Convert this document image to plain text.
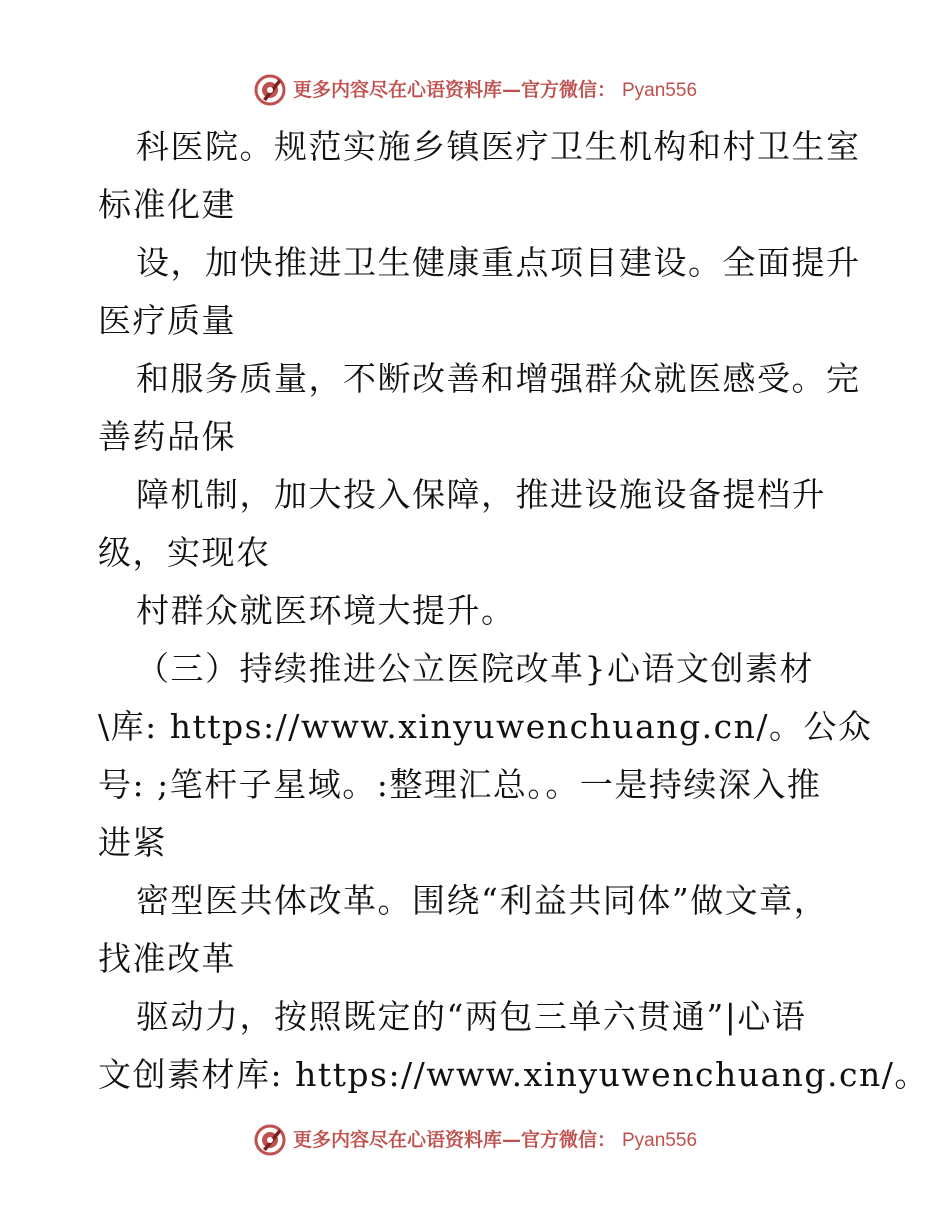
更多内容尽在心语资料库—官方微信： Pyan556
科医院。规范实施乡镇医疗卫生机构和村卫生室
标准化建
设，加快推进卫生健康重点项目建设。全面提升
医疗质量
和服务质量，不断改善和增强群众就医感受。完
善药品保
障机制，加大投入保障，推进设施设备提档升
级，实现农
村群众就医环境大提升。
（三）持续推进公立医院改革}心语文创素材
\库: https://www.xinyuwenchuang.cn/。公众
号: ;笔杆子星域。:整理汇总。。一是持续深入推
进紧
密型医共体改革。围绕“利益共同体”做文章，
找准改革
驱动力，按照既定的“两包三单六贯通”|心语
文创素材库: https://www.xinyuwenchuang.cn/。
更多内容尽在心语资料库—官方微信： Pyan556
